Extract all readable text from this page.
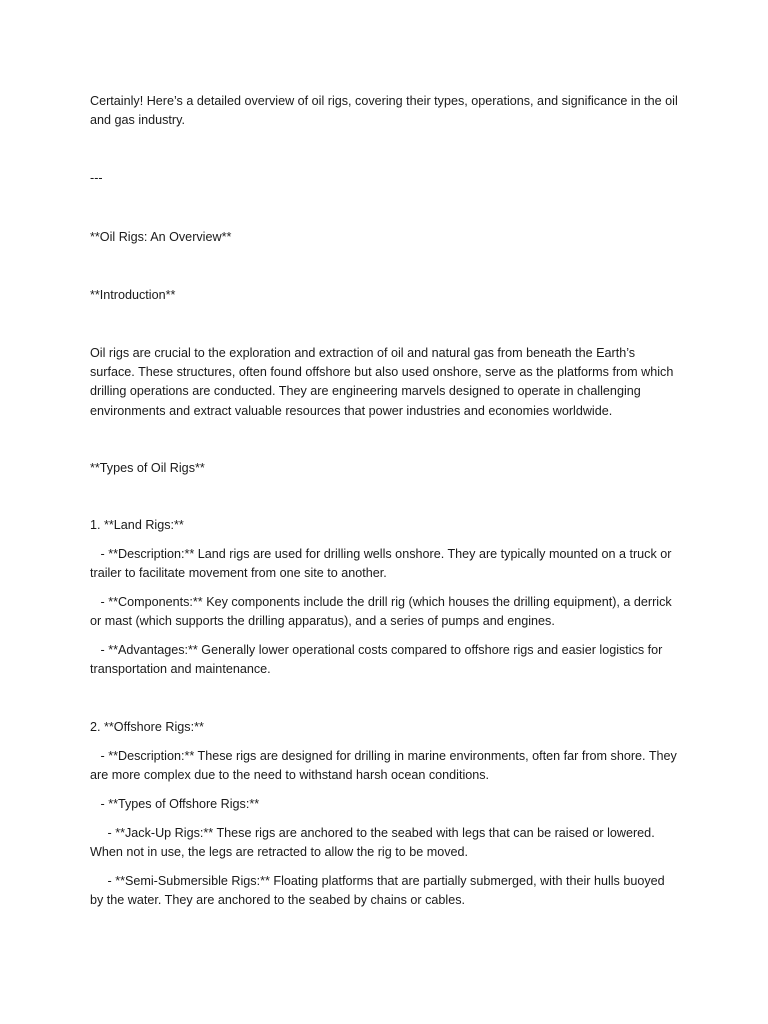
Certainly! Here’s a detailed overview of oil rigs, covering their types, operations, and significance in the oil and gas industry.

---

**Oil Rigs: An Overview**

**Introduction**

Oil rigs are crucial to the exploration and extraction of oil and natural gas from beneath the Earth’s surface. These structures, often found offshore but also used onshore, serve as the platforms from which drilling operations are conducted. They are engineering marvels designed to operate in challenging environments and extract valuable resources that power industries and economies worldwide.

**Types of Oil Rigs**

1. **Land Rigs:**

- **Description:** Land rigs are used for drilling wells onshore. They are typically mounted on a truck or trailer to facilitate movement from one site to another.

- **Components:** Key components include the drill rig (which houses the drilling equipment), a derrick or mast (which supports the drilling apparatus), and a series of pumps and engines.

- **Advantages:** Generally lower operational costs compared to offshore rigs and easier logistics for transportation and maintenance.

2. **Offshore Rigs:**

- **Description:** These rigs are designed for drilling in marine environments, often far from shore. They are more complex due to the need to withstand harsh ocean conditions.

- **Types of Offshore Rigs:**

- **Jack-Up Rigs:** These rigs are anchored to the seabed with legs that can be raised or lowered. When not in use, the legs are retracted to allow the rig to be moved.

- **Semi-Submersible Rigs:** Floating platforms that are partially submerged, with their hulls buoyed by the water. They are anchored to the seabed by chains or cables.
